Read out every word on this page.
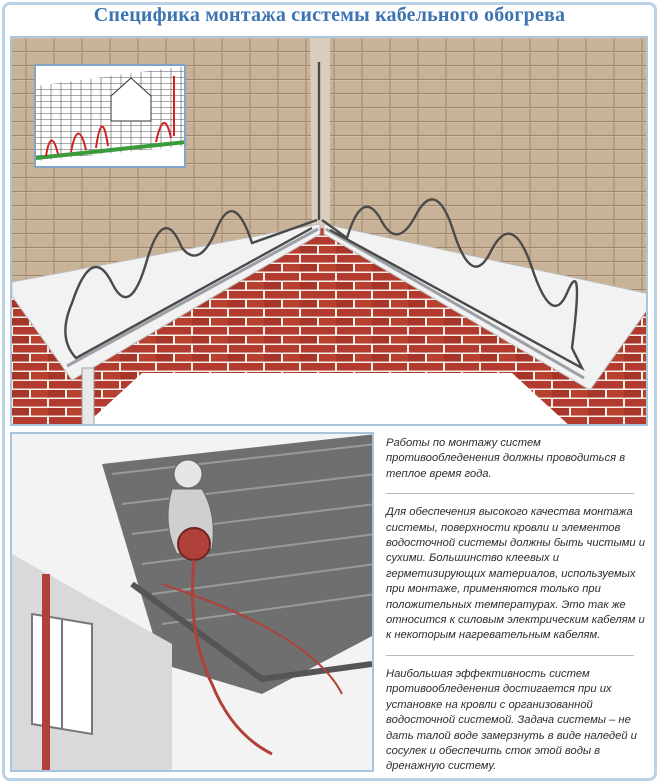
Специфика монтажа системы кабельного обогрева

Работы по монтажу систем противообледенения должны проводиться в теплое время года.

Для обеспечения высокого качества монтажа системы, поверхности кровли и элементов водосточной системы должны быть чистыми и сухими. Большинство клеевых и герметизирующих материалов, используемых при монтаже, применяются только при положительных температурах. Это так же относится к силовым электрическим кабелям и к некоторым нагревательным кабелям.

Наибольшая эффективность систем противообледенения достигается при их установке на кровли с организованной водосточной системой. Задача системы – не дать талой воде замерзнуть в виде наледей и сосулек и обеспечить сток этой воды в дренажную систему.
